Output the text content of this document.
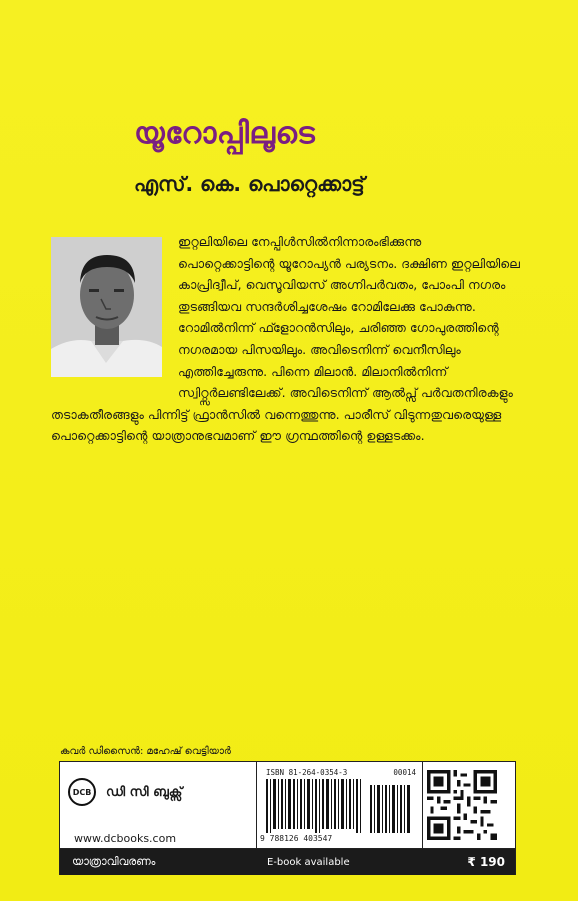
യൂറോപ്പിലൂടെ
എസ്. കെ. പൊറ്റെക്കാട്ട്

ഇറ്റലിയിലെ നേപ്പിൾസിൽനിന്നാരംഭിക്കുന്നു പൊറ്റെക്കാട്ടിന്റെ യൂറോപ്യൻ പര്യടനം. ദക്ഷിണ ഇറ്റലിയിലെ കാപ്രിദ്വീപ്, വെസൂവിയസ് അഗ്നിപർവതം, പോംപി നഗരം തുടങ്ങിയവ സന്ദർശിച്ചശേഷം റോമിലേക്കു പോകുന്നു. റോമിൽനിന്ന് ഫ്ളോറൻസിലും, ചരിഞ്ഞ ഗോപുരത്തിന്റെ നഗരമായ പിസയിലും. അവിടെനിന്ന് വെനീസിലും എത്തിച്ചേരുന്നു. പിന്നെ മിലാൻ. മിലാനിൽനിന്ന് സ്വിറ്റ്സർലണ്ടിലേക്ക്. അവിടെനിന്ന് ആൽപ്സ് പർവതനിരകളും തടാകതീരങ്ങളും പിന്നിട്ട് ഫ്രാൻസിൽ വന്നെത്തുന്നു. പാരീസ് വിടുന്നതുവരെയുള്ള പൊറ്റെക്കാട്ടിന്റെ യാത്രാനുഭവമാണ് ഈ ഗ്രന്ഥത്തിന്റെ ഉള്ളടക്കം.

കവർ ഡിസൈൻ: മഹേഷ് വെട്ടിയാർ
DCB	ഡി സി ബുക്സ്
www.dcbooks.com
ISBN 81-264-0354-3	00014
9 788126 403547
യാത്രാവിവരണം	E-book available	₹ 190
